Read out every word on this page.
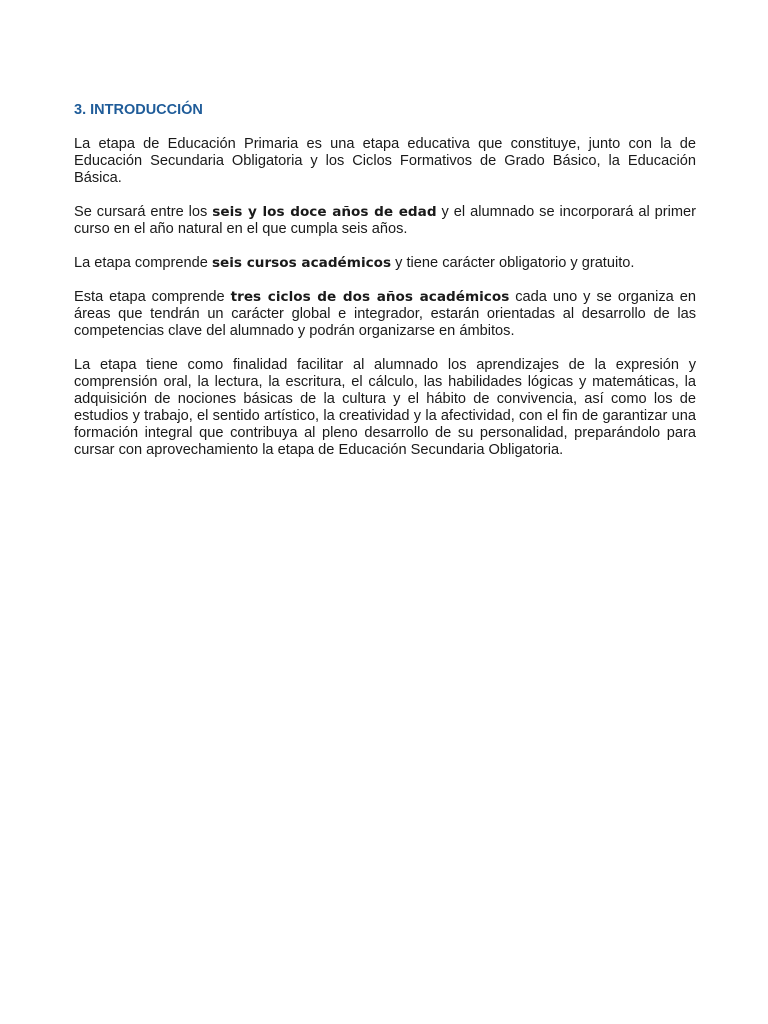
3. INTRODUCCIÓN

La etapa de Educación Primaria es una etapa educativa que constituye, junto con la de Educación Secundaria Obligatoria y los Ciclos Formativos de Grado Básico, la Educación Básica.

Se cursará entre los seis y los doce años de edad y el alumnado se incorporará al primer curso en el año natural en el que cumpla seis años.

La etapa comprende seis cursos académicos y tiene carácter obligatorio y gratuito.

Esta etapa comprende tres ciclos de dos años académicos cada uno y se organiza en áreas que tendrán un carácter global e integrador, estarán orientadas al desarrollo de las competencias clave del alumnado y podrán organizarse en ámbitos.

La etapa tiene como finalidad facilitar al alumnado los aprendizajes de la expresión y comprensión oral, la lectura, la escritura, el cálculo, las habilidades lógicas y matemáticas, la adquisición de nociones básicas de la cultura y el hábito de convivencia, así como los de estudios y trabajo, el sentido artístico, la creatividad y la afectividad, con el fin de garantizar una formación integral que contribuya al pleno desarrollo de su personalidad, preparándolo para cursar con aprovechamiento la etapa de Educación Secundaria Obligatoria.
